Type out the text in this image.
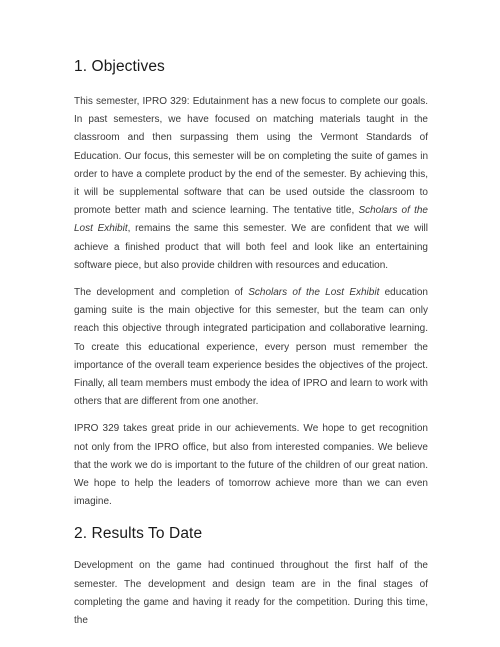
1. Objectives

This semester, IPRO 329: Edutainment has a new focus to complete our goals. In past semesters, we have focused on matching materials taught in the classroom and then surpassing them using the Vermont Standards of Education. Our focus, this semester will be on completing the suite of games in order to have a complete product by the end of the semester. By achieving this, it will be supplemental software that can be used outside the classroom to promote better math and science learning. The tentative title, Scholars of the Lost Exhibit, remains the same this semester. We are confident that we will achieve a finished product that will both feel and look like an entertaining software piece, but also provide children with resources and education.

The development and completion of Scholars of the Lost Exhibit education gaming suite is the main objective for this semester, but the team can only reach this objective through integrated participation and collaborative learning. To create this educational experience, every person must remember the importance of the overall team experience besides the objectives of the project. Finally, all team members must embody the idea of IPRO and learn to work with others that are different from one another.

IPRO 329 takes great pride in our achievements. We hope to get recognition not only from the IPRO office, but also from interested companies. We believe that the work we do is important to the future of the children of our great nation. We hope to help the leaders of tomorrow achieve more than we can even imagine.

2. Results To Date

Development on the game had continued throughout the first half of the semester. The development and design team are in the final stages of completing the game and having it ready for the competition. During this time, the
